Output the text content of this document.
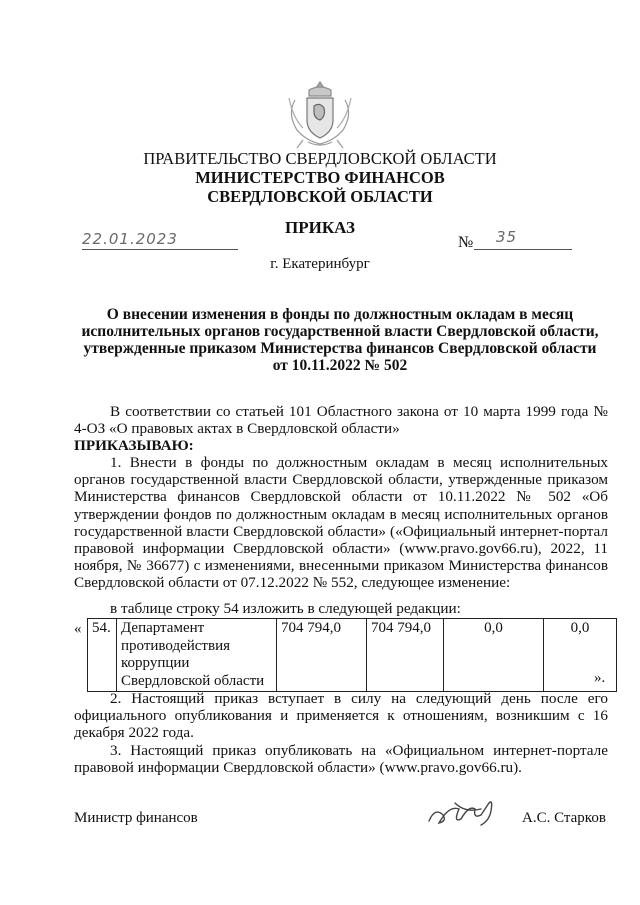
ПРАВИТЕЛЬСТВО СВЕРДЛОВСКОЙ ОБЛАСТИ
МИНИСТЕРСТВО ФИНАНСОВ
СВЕРДЛОВСКОЙ ОБЛАСТИ
ПРИКАЗ
22.01.2023	№	35
г. Екатеринбург
О внесении изменения в фонды по должностным окладам в месяц
исполнительных органов государственной власти Свердловской области,
утвержденные приказом Министерства финансов Свердловской области
от 10.11.2022 № 502
В соответствии со статьей 101 Областного закона от 10 марта 1999 года № 4-ОЗ «О правовых актах в Свердловской области»
ПРИКАЗЫВАЮ:
1. Внести в фонды по должностным окладам в месяц исполнительных органов государственной власти Свердловской области, утвержденные приказом Министерства финансов Свердловской области от 10.11.2022 № 502 «Об утверждении фондов по должностным окладам в месяц исполнительных органов государственной власти Свердловской области» («Официальный интернет-портал правовой информации Свердловской области» (www.pravo.gov66.ru), 2022, 11 ноября, № 36677) с изменениями, внесенными приказом Министерства финансов Свердловской области от 07.12.2022 № 552, следующее изменение:
в таблице строку 54 изложить в следующей редакции:
«
».
54.	Департамент противодействия коррупции Свердловской области	704 794,0	704 794,0	0,0	0,0
2. Настоящий приказ вступает в силу на следующий день после его официального опубликования и применяется к отношениям, возникшим с 16 декабря 2022 года.
3. Настоящий приказ опубликовать на «Официальном интернет-портале правовой информации Свердловской области» (www.pravo.gov66.ru).
Министр финансов	А.С. Старков
